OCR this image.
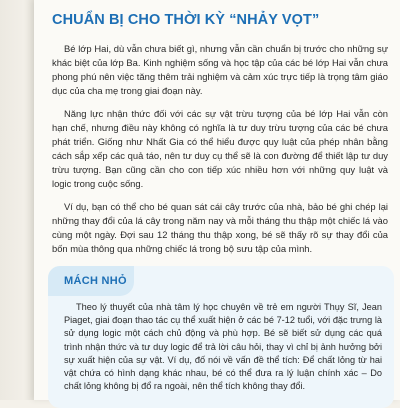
CHUẨN BỊ CHO THỜI KỲ “NHẢY VỌT”

Bé lớp Hai, dù vẫn chưa biết gì, nhưng vẫn cần chuẩn bị trước cho những sự khác biệt của lớp Ba. Kinh nghiệm sống và học tập của các bé lớp Hai vẫn chưa phong phú nên việc tăng thêm trải nghiệm và cảm xúc trực tiếp là trọng tâm giáo dục của cha mẹ trong giai đoạn này.

Năng lực nhận thức đối với các sự vật trừu tượng của bé lớp Hai vẫn còn hạn chế, nhưng điều này không có nghĩa là tư duy trừu tượng của các bé chưa phát triển. Giống như Nhất Gia có thể hiểu được quy luật của phép nhân bằng cách sắp xếp các quả táo, nên tư duy cụ thể sẽ là con đường để thiết lập tư duy trừu tượng. Bạn cũng cần cho con tiếp xúc nhiều hơn với những quy luật và logic trong cuộc sống.

Ví dụ, bạn có thể cho bé quan sát cái cây trước của nhà, bảo bé ghi chép lại những thay đổi của lá cây trong năm nay và mỗi tháng thu thập một chiếc lá vào cùng một ngày. Đợi sau 12 tháng thu thập xong, bé sẽ thấy rõ sự thay đổi của bốn mùa thông qua những chiếc lá trong bộ sưu tập của mình.

MÁCH NHỎ

Theo lý thuyết của nhà tâm lý học chuyên về trẻ em người Thụy Sĩ, Jean Piaget, giai đoạn thao tác cụ thể xuất hiện ở các bé 7-12 tuổi, với đặc trưng là sử dụng logic một cách chủ động và phù hợp. Bé sẽ biết sử dụng các quá trình nhận thức và tư duy logic để trả lời câu hỏi, thay vì chỉ bị ảnh hưởng bởi sự xuất hiện của sự vật. Ví dụ, đố nói về vấn đề thể tích: Để chất lỏng từ hai vật chứa có hình dạng khác nhau, bé có thể đưa ra lý luận chính xác – Do chất lỏng không bị đổ ra ngoài, nên thể tích không thay đổi.
